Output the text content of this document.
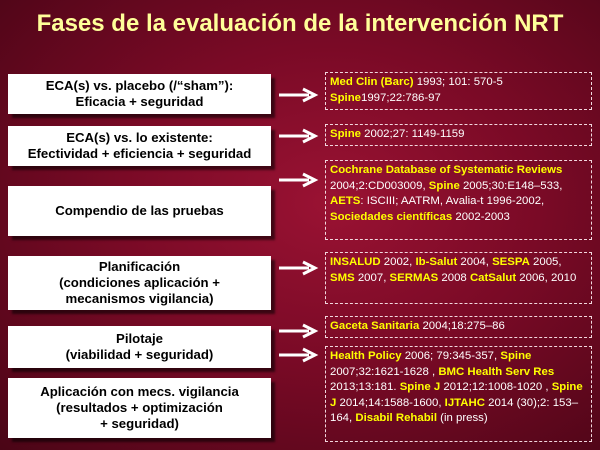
Fases de la evaluación de la intervención NRT
ECA(s) vs. placebo (/“sham”):
Eficacia + seguridad
ECA(s) vs. lo existente:
Efectividad + eficiencia + seguridad
Compendio de las pruebas
Planificación
(condiciones aplicación +
mecanismos vigilancia)
Pilotaje
(viabilidad + seguridad)
Aplicación con mecs. vigilancia
(resultados + optimización
+ seguridad)
Med Clin (Barc) 1993; 101: 570-5 Spine1997;22:786-97
Spine 2002;27: 1149-1159
Cochrane Database of Systematic Reviews 2004;2:CD003009, Spine 2005;30:E148–533, AETS: ISCIII; AATRM, Avalia-t 1996-2002, Sociedades científicas 2002-2003
INSALUD 2002, Ib-Salut 2004, SESPA 2005, SMS 2007, SERMAS 2008 CatSalut 2006, 2010
Gaceta Sanitaria 2004;18:275–86
Health Policy 2006; 79:345-357, Spine 2007;32:1621-1628 , BMC Health Serv Res 2013;13:181. Spine J 2012;12:1008-1020 , Spine J 2014;14:1588-1600, IJTAHC 2014 (30);2: 153–164, Disabil Rehabil (in press)
